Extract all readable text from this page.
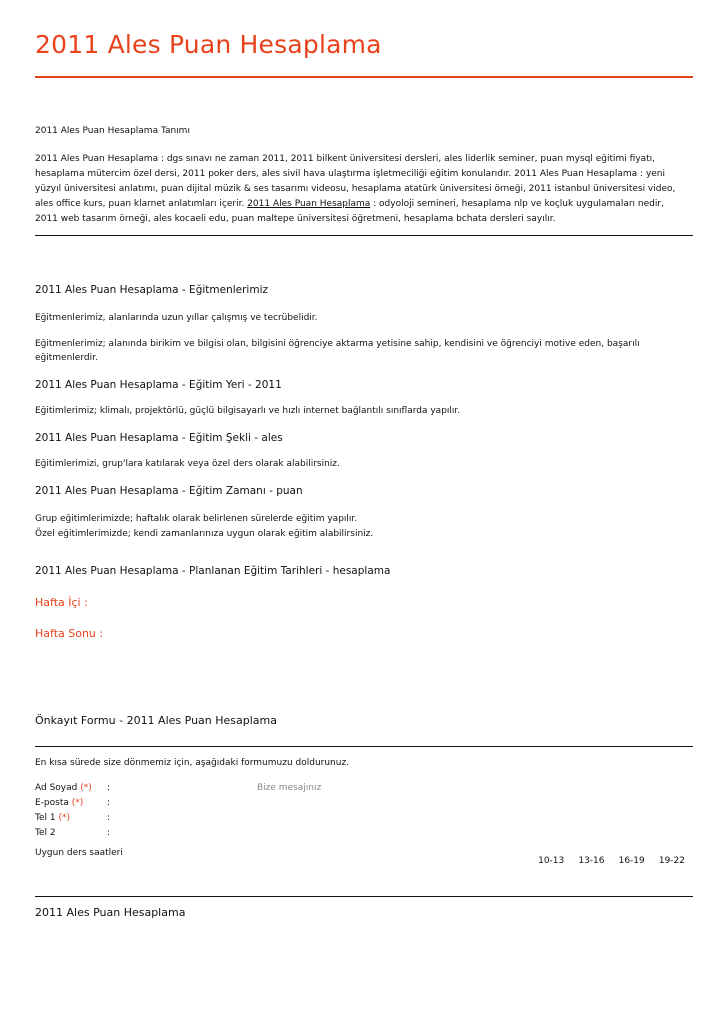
2011 Ales Puan Hesaplama
2011 Ales Puan Hesaplama Tanımı
2011 Ales Puan Hesaplama : dgs sınavı ne zaman 2011, 2011 bilkent üniversitesi dersleri, ales liderlik seminer, puan mysql eğitimi fiyatı,
hesaplama mütercim özel dersi, 2011 poker ders, ales sivil hava ulaştırma işletmeciliği eğitim konularıdır. 2011 Ales Puan Hesaplama : yeni
yüzyıl üniversitesi anlatımı, puan dijital müzik & ses tasarımı videosu, hesaplama atatürk üniversitesi örneği, 2011 istanbul üniversitesi video,
ales office kurs, puan klarnet anlatımları içerir. 2011 Ales Puan Hesaplama : odyoloji semineri, hesaplama nlp ve koçluk uygulamaları nedir,
2011 web tasarım örneği, ales kocaeli edu, puan maltepe üniversitesi öğretmeni, hesaplama bchata dersleri sayılır.
2011 Ales Puan Hesaplama - Eğitmenlerimiz
Eğitmenlerimiz, alanlarında uzun yıllar çalışmış ve tecrübelidir.
Eğitmenlerimiz; alanında birikim ve bilgisi olan, bilgisini öğrenciye aktarma yetisine sahip, kendisini ve öğrenciyi motive eden, başarılı
eğitmenlerdir.
2011 Ales Puan Hesaplama - Eğitim Yeri - 2011
Eğitimlerimiz; klimalı, projektörlü, güçlü bilgisayarlı ve hızlı internet bağlantılı sınıflarda yapılır.
2011 Ales Puan Hesaplama - Eğitim Şekli - ales
Eğitimlerimizi, grup'lara katılarak veya özel ders olarak alabilirsiniz.
2011 Ales Puan Hesaplama - Eğitim Zamanı - puan
Grup eğitimlerimizde; haftalık olarak belirlenen sürelerde eğitim yapılır.
Özel eğitimlerimizde; kendi zamanlarınıza uygun olarak eğitim alabilirsiniz.
2011 Ales Puan Hesaplama - Planlanan Eğitim Tarihleri - hesaplama
Hafta İçi :
Hafta Sonu :
Önkayıt Formu - 2011 Ales Puan Hesaplama
En kısa sürede size dönmemiz için, aşağıdaki formumuzu doldurunuz.
Ad Soyad (*) :
E-posta (*)	:
Tel 1 (*)	:
Tel 2	:
Bize mesajınız
Uygun ders saatleri
10-13 13-16 16-19 19-22
2011 Ales Puan Hesaplama
